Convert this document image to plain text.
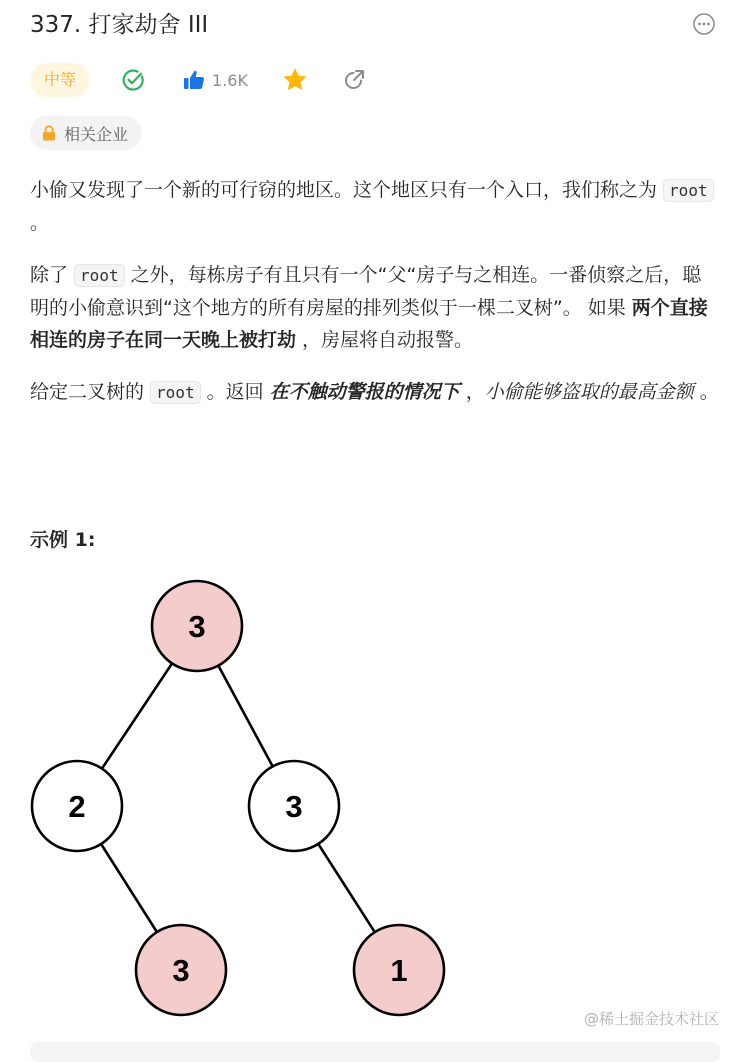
337. 打家劫舍 III
中等	1.6K
相关企业

小偷又发现了一个新的可行窃的地区。这个地区只有一个入口，我们称之为 root 。

除了 root 之外，每栋房子有且只有一个“父“房子与之相连。一番侦察之后，聪明的小偷意识到“这个地方的所有房屋的排列类似于一棵二叉树”。 如果 两个直接相连的房子在同一天晚上被打劫 ，房屋将自动报警。

给定二叉树的 root 。返回 在不触动警报的情况下 ，小偷能够盗取的最高金额 。

示例 1:
3
2	3
3	1
@稀土掘金技术社区
